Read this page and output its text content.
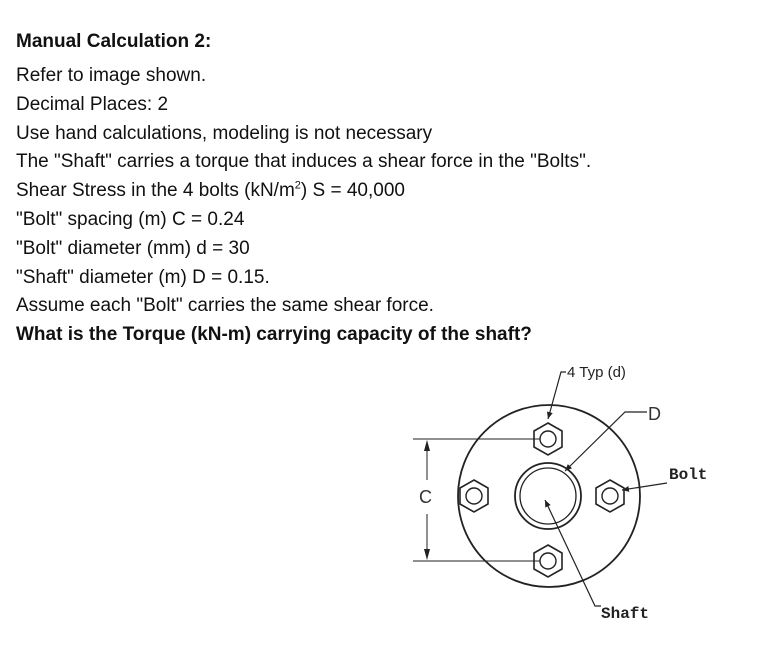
Manual Calculation 2:
Refer to image shown.
Decimal Places: 2
Use hand calculations, modeling is not necessary
The "Shaft" carries a torque that induces a shear force in the "Bolts".
Shear Stress in the 4 bolts $(kN/m^2) S = 40,000$
"Bolt" spacing (m) C = 0.24
"Bolt" diameter (mm) d = 30
"Shaft" diameter (m) D = 0.15.
Assume each "Bolt" carries the same shear force.
What is the Torque (kN-m) carrying capacity of the shaft?
C
4 Typ (d)
D
Bolt
Shaft
